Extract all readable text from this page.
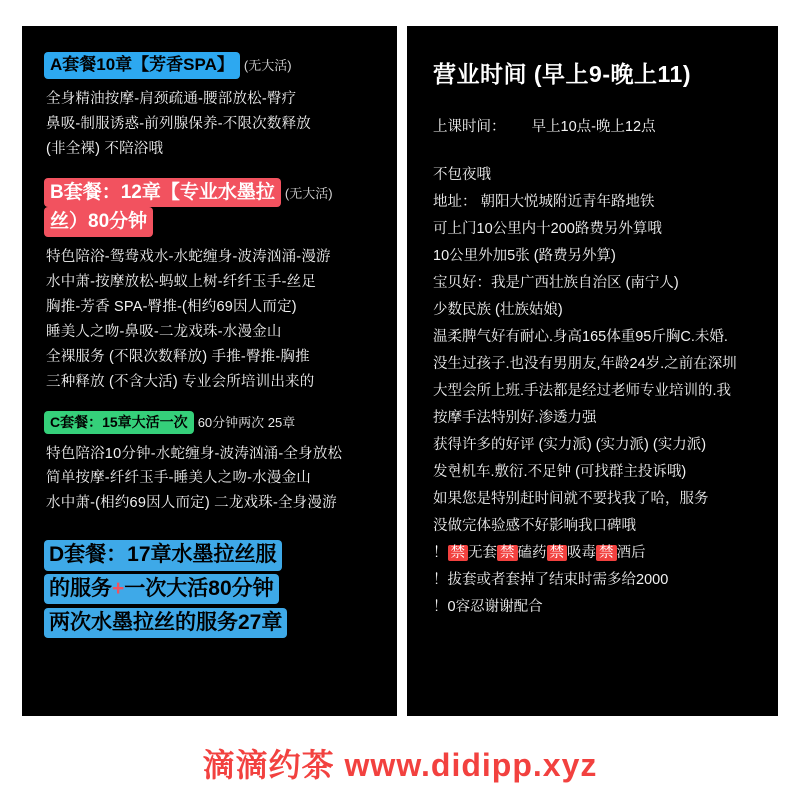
A套餐10章【芳香SPA】 (无大活)
全身精油按摩-肩颈疏通-腰部放松-臀疗
鼻吸-制服诱惑-前列腺保养-不限次数释放
(非全裸) 不陪浴哦
B套餐：12章【专业水墨拉 (无大活)
丝）80分钟
特色陪浴-鸳鸯戏水-水蛇缠身-波涛汹涌-漫游
水中萧-按摩放松-蚂蚁上树-纤纤玉手-丝足
胸推-芳香 SPA-臀推-(相约69因人而定)
睡美人之吻-鼻吸-二龙戏珠-水漫金山
全裸服务 (不限次数释放) 手推-臀推-胸推
三种释放 (不含大活) 专业会所培训出来的
C套餐：15章大活一次 60分钟两次 25章
特色陪浴10分钟-水蛇缠身-波涛汹涌-全身放松
简单按摩-纤纤玉手-睡美人之吻-水漫金山
水中萧-(相约69因人而定) 二龙戏珠-全身漫游
D套餐：17章水墨拉丝服
的服务+一次大活80分钟
两次水墨拉丝的服务27章
营业时间 (早上9-晚上11)
上课时间： 早上10点-晚上12点
不包夜哦
地址： 朝阳大悦城附近青年路地铁
可上门10公里内十200路费另外算哦
10公里外加5张 (路费另外算)
宝贝好：我是广西壮族自治区 (南宁人)
少数民族 (壮族姑娘)
温柔脾气好有耐心.身高165体重95斤胸C.未婚.
没生过孩子.也没有男朋友,年龄24岁.之前在深圳
大型会所上班.手法都是经过老师专业培训的.我
按摩手法特别好.渗透力强
获得许多的好评 (实力派) (实力派) (实力派)
发현机车.敷衍.不足钟 (可找群主投诉哦)
如果您是特别赶时间就不要找我了哈，服务
没做完体验感不好影响我口碑哦
！ 禁 无套 禁 磕药 禁 吸毒 禁 酒后
！拔套或者套掉了结束时需多给2000
！0容忍谢谢配合
滴滴约茶 www.didipp.xyz
